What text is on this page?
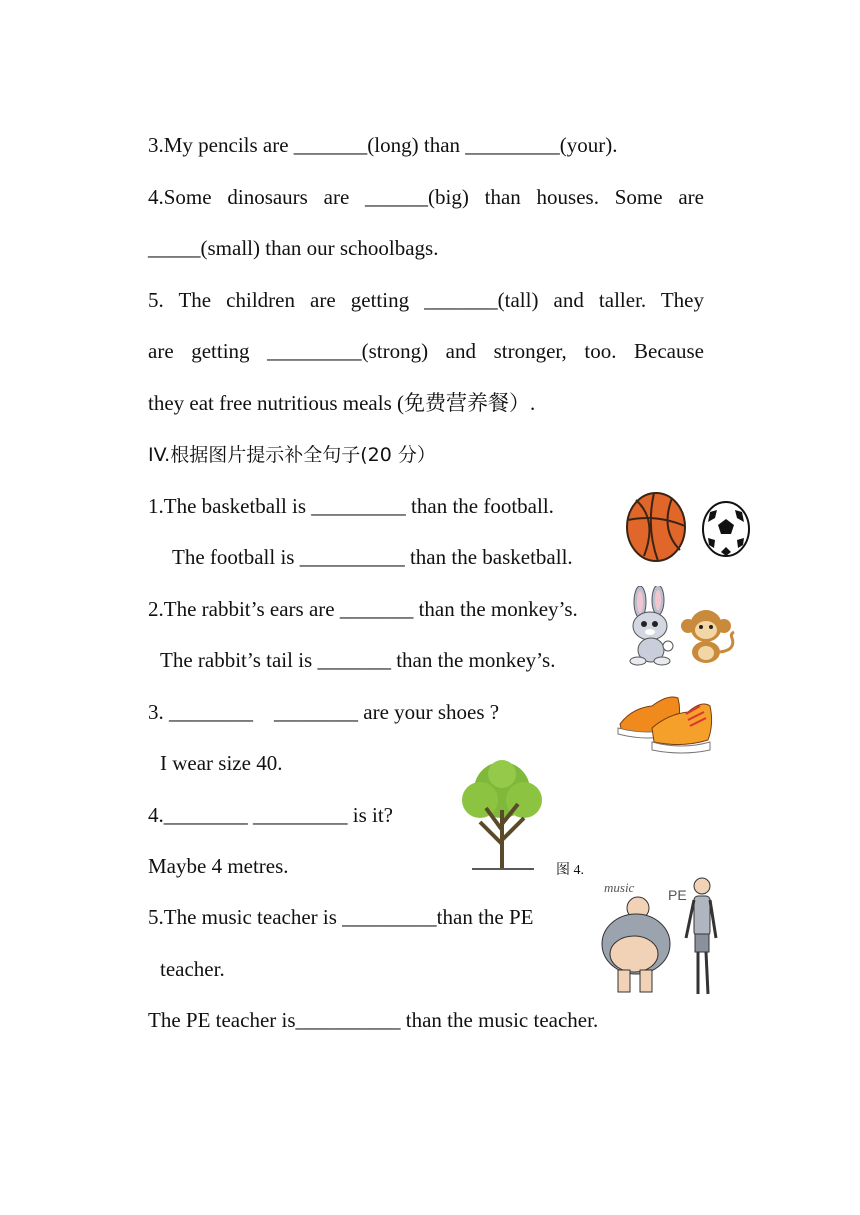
3.My pencils are _______(long) than _________(your).
4.Some dinosaurs are ______(big) than houses. Some are
_____(small) than our schoolbags.
5. The children are getting _______(tall) and taller. They
are getting _________(strong) and stronger, too. Because
they eat free nutritious meals (免费营养餐）.
IV.根据图片提示补全句子(20 分）
1.The basketball is _________ than the football.
The football is __________ than the basketball.
2.The rabbit’s ears are _______ than the monkey’s.
The rabbit’s tail is _______ than the monkey’s.
3. ________    ________ are your shoes ?
I wear size 40.
4.________ _________ is it?
Maybe 4 metres.	图 4.
5.The music teacher is _________than the PE
teacher.
The PE teacher is__________ than the music teacher.
music PE
